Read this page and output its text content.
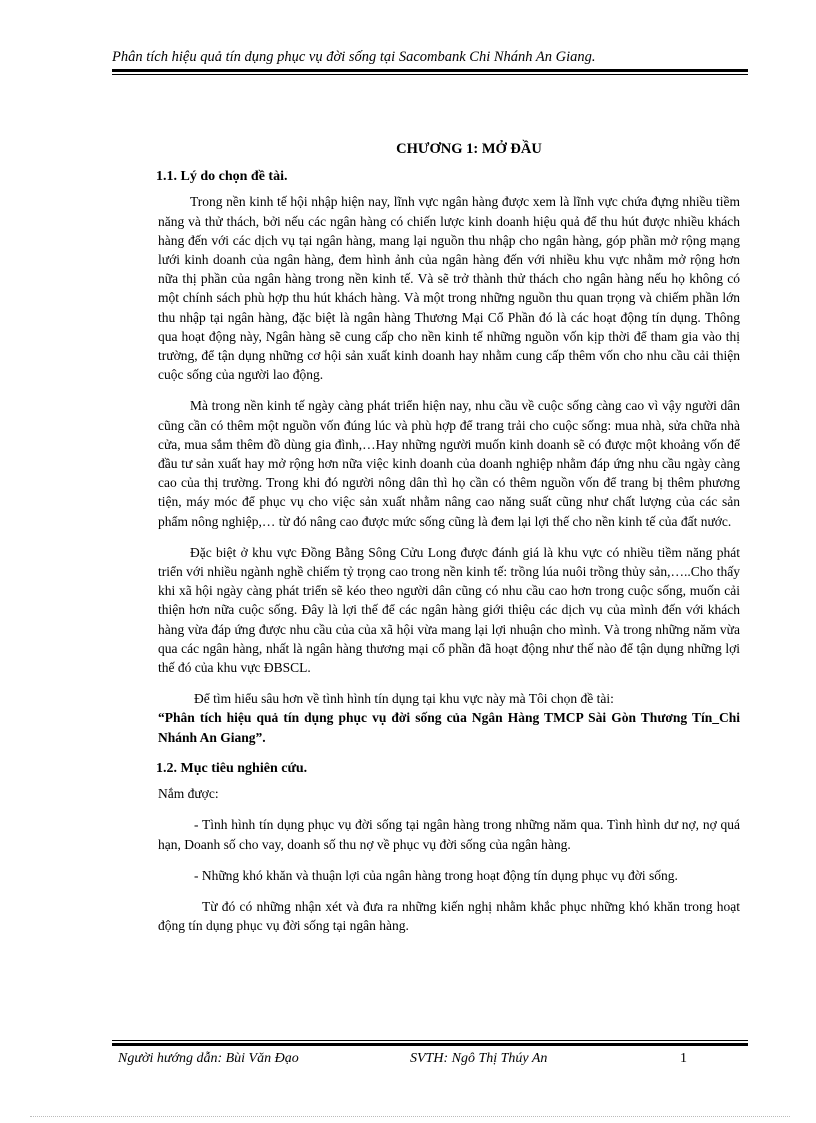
Phân tích hiệu quả tín dụng phục vụ đời sống tại Sacombank Chi Nhánh An Giang.
CHƯƠNG 1: MỞ ĐẦU
1.1. Lý do chọn đề tài.

Trong nền kinh tế hội nhập hiện nay, lĩnh vực ngân hàng được xem là lĩnh vực chứa đựng nhiều tiềm năng và thử thách, bởi nếu các ngân hàng có chiến lược kinh doanh hiệu quả để thu hút được nhiều khách hàng đến với các dịch vụ tại ngân hàng, mang lại nguồn thu nhập cho ngân hàng, góp phần mở rộng mạng lưới kinh doanh của ngân hàng, đem hình ảnh của ngân hàng đến với nhiều khu vực nhằm mở rộng hơn nữa thị phần của ngân hàng trong nền kinh tế. Và sẽ trở thành thử thách cho ngân hàng nếu họ không có một chính sách phù hợp thu hút khách hàng. Và một trong những nguồn thu quan trọng và chiếm phần lớn thu nhập tại ngân hàng, đặc biệt là ngân hàng Thương Mại Cổ Phần đó là các hoạt động tín dụng. Thông qua hoạt động này, Ngân hàng sẽ cung cấp cho nền kinh tế những nguồn vốn kịp thời để tham gia vào thị trường, để tận dụng những cơ hội sản xuất kinh doanh hay nhằm cung cấp thêm vốn cho nhu cầu cải thiện cuộc sống của người lao động.

Mà trong nền kinh tế ngày càng phát triển hiện nay, nhu cầu về cuộc sống càng cao vì vậy người dân cũng cần có thêm một nguồn vốn đúng lúc và phù hợp để trang trải cho cuộc sống: mua nhà, sửa chữa nhà cửa, mua sắm thêm đồ dùng gia đình,…Hay những người muốn kinh doanh sẽ có được một khoảng vốn để đầu tư sản xuất hay mở rộng hơn nữa việc kinh doanh của doanh nghiệp nhằm đáp ứng nhu cầu ngày càng cao của thị trường. Trong khi đó người nông dân thì họ cần có thêm nguồn vốn để trang bị thêm phương tiện, máy móc để phục vụ cho việc sản xuất nhằm nâng cao năng suất cũng như chất lượng của các sản phẩm nông nghiệp,… từ đó nâng cao được mức sống cũng là đem lại lợi thế cho nền kinh tế của đất nước.

Đặc biệt ở khu vực Đồng Bằng Sông Cửu Long được đánh giá là khu vực có nhiều tiềm năng phát triển với nhiều ngành nghề chiếm tỷ trọng cao trong nền kinh tế: trồng lúa nuôi trồng thủy sản,…..Cho thấy khi xã hội ngày càng phát triển sẽ kéo theo người dân cũng có nhu cầu cao hơn trong cuộc sống, muốn cải thiện hơn nữa cuộc sống. Đây là lợi thế để các ngân hàng giới thiệu các dịch vụ của mình đến với khách hàng vừa đáp ứng được nhu cầu của của xã hội vừa mang lại lợi nhuận cho mình. Và trong những năm vừa qua các ngân hàng, nhất là ngân hàng thương mại cổ phần đã hoạt động như thế nào để tận dụng những lợi thế đó của khu vực ĐBSCL.

Để tìm hiểu sâu hơn về tình hình tín dụng tại khu vực này mà Tôi chọn đề tài:
“Phân tích hiệu quả tín dụng phục vụ đời sống của Ngân Hàng TMCP Sài Gòn Thương Tín_Chi Nhánh An Giang”.

1.2. Mục tiêu nghiên cứu.

Nắm được:

- Tình hình tín dụng phục vụ đời sống tại ngân hàng trong những năm qua. Tình hình dư nợ, nợ quá hạn, Doanh số cho vay, doanh số thu nợ về phục vụ đời sống của ngân hàng.

- Những khó khăn và thuận lợi của ngân hàng trong hoạt động tín dụng phục vụ đời sống.

Từ đó có những nhận xét và đưa ra những kiến nghị nhằm khắc phục những khó khăn trong hoạt động tín dụng phục vụ đời sống tại ngân hàng.

Người hướng dẫn: Bùi Văn Đạo	SVTH: Ngô Thị Thúy An	1
